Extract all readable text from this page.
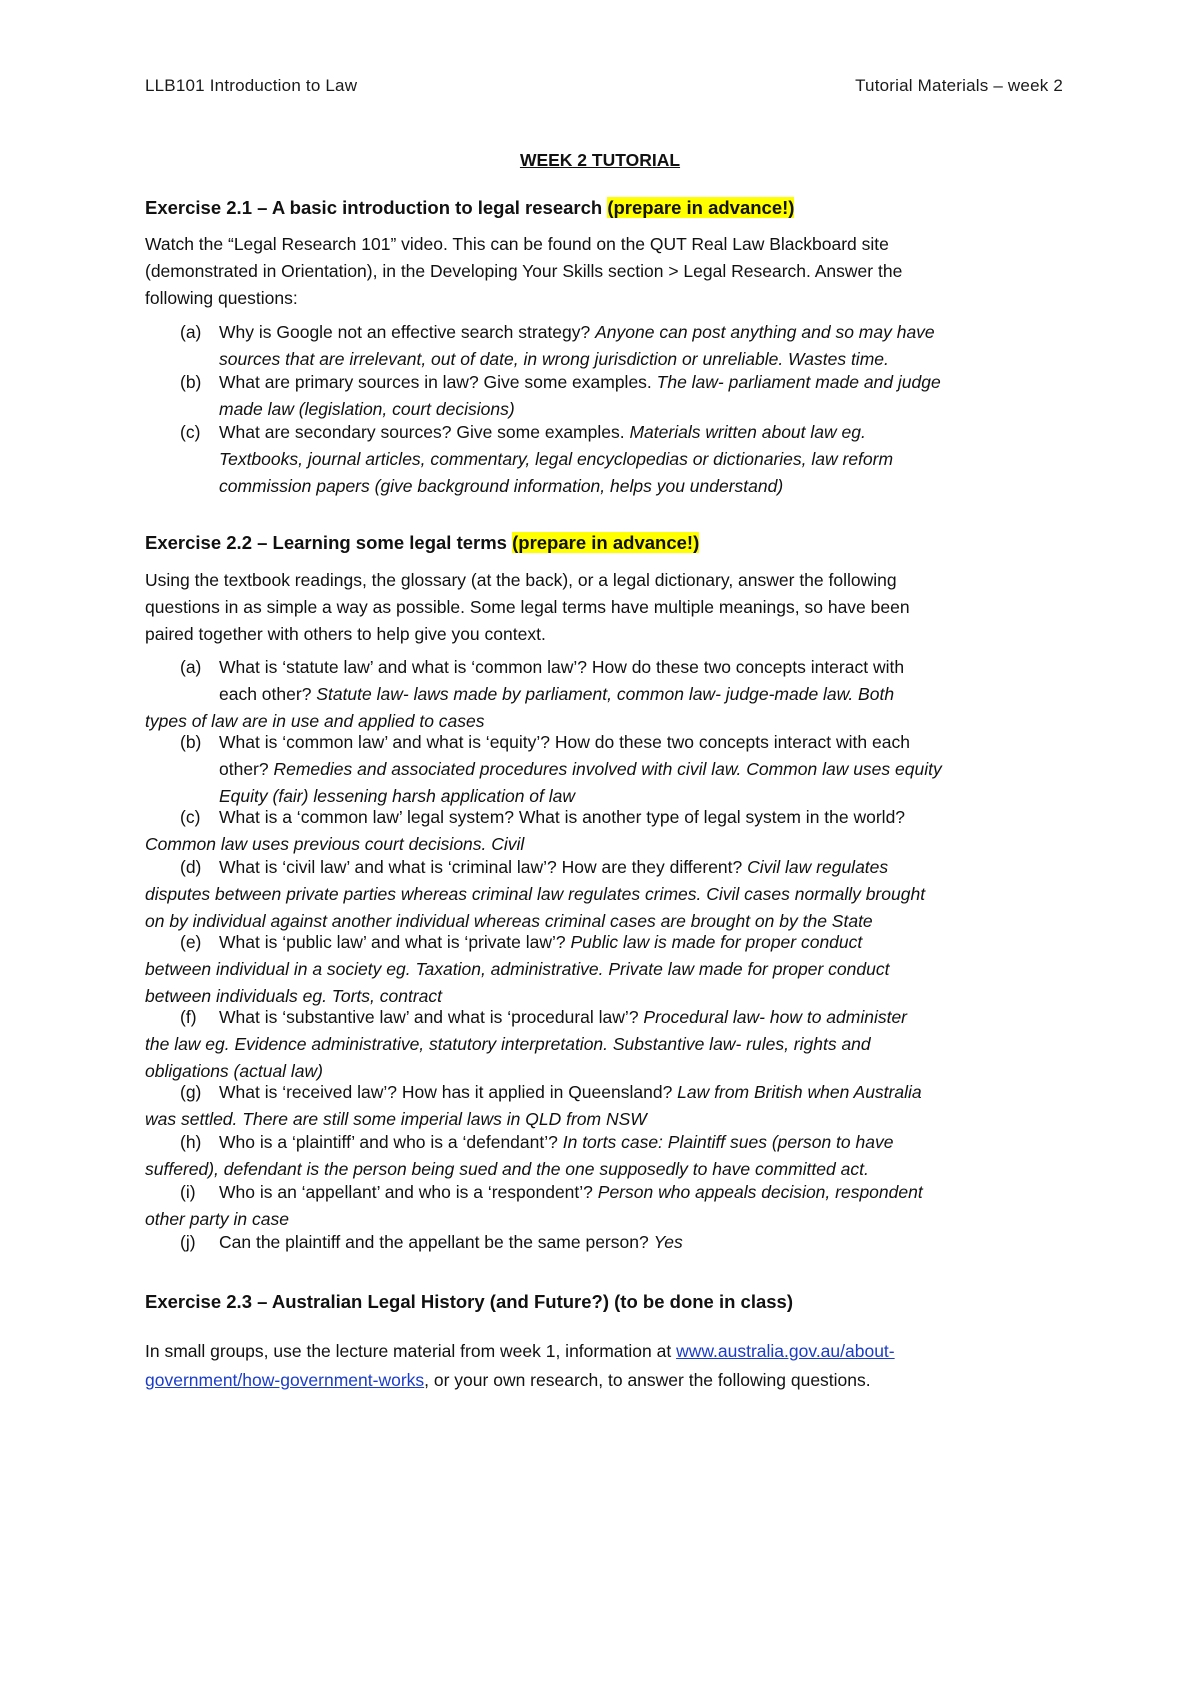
LLB101 Introduction to Law	Tutorial Materials – week 2
WEEK 2 TUTORIAL
Exercise 2.1 – A basic introduction to legal research (prepare in advance!)
Watch the “Legal Research 101” video. This can be found on the QUT Real Law Blackboard site
(demonstrated in Orientation), in the Developing Your Skills section > Legal Research. Answer the
following questions:
(a) Why is Google not an effective search strategy? Anyone can post anything and so may have
sources that are irrelevant, out of date, in wrong jurisdiction or unreliable. Wastes time.
(b) What are primary sources in law? Give some examples. The law- parliament made and judge
made law (legislation, court decisions)
(c) What are secondary sources? Give some examples. Materials written about law eg.
Textbooks, journal articles, commentary, legal encyclopedias or dictionaries, law reform
commission papers (give background information, helps you understand)
Exercise 2.2 – Learning some legal terms (prepare in advance!)
Using the textbook readings, the glossary (at the back), or a legal dictionary, answer the following
questions in as simple a way as possible. Some legal terms have multiple meanings, so have been
paired together with others to help give you context.
(a) What is ‘statute law’ and what is ‘common law’? How do these two concepts interact with
each other? Statute law- laws made by parliament, common law- judge-made law. Both
types of law are in use and applied to cases
(b) What is ‘common law’ and what is ‘equity’? How do these two concepts interact with each
other? Remedies and associated procedures involved with civil law. Common law uses equity
Equity (fair) lessening harsh application of law
(c) What is a ‘common law’ legal system? What is another type of legal system in the world?
Common law uses previous court decisions. Civil
(d) What is ‘civil law’ and what is ‘criminal law’? How are they different? Civil law regulates
disputes between private parties whereas criminal law regulates crimes. Civil cases normally brought
on by individual against another individual whereas criminal cases are brought on by the State
(e) What is ‘public law’ and what is ‘private law’? Public law is made for proper conduct
between individual in a society eg. Taxation, administrative. Private law made for proper conduct
between individuals eg. Torts, contract
(f) What is ‘substantive law’ and what is ‘procedural law’? Procedural law- how to administer
the law eg. Evidence administrative, statutory interpretation. Substantive law- rules, rights and
obligations (actual law)
(g) What is ‘received law’? How has it applied in Queensland? Law from British when Australia
was settled. There are still some imperial laws in QLD from NSW
(h) Who is a ‘plaintiff’ and who is a ‘defendant’? In torts case: Plaintiff sues (person to have
suffered), defendant is the person being sued and the one supposedly to have committed act.
(i) Who is an ‘appellant’ and who is a ‘respondent’? Person who appeals decision, respondent
other party in case
(j) Can the plaintiff and the appellant be the same person? Yes
Exercise 2.3 – Australian Legal History (and Future?) (to be done in class)
In small groups, use the lecture material from week 1, information at www.australia.gov.au/about-
government/how-government-works, or your own research, to answer the following questions.
